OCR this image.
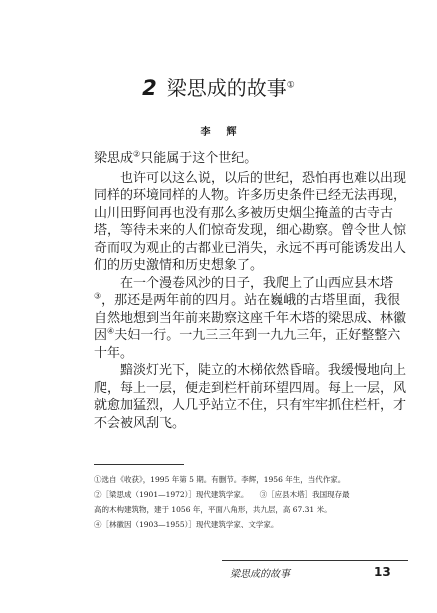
2 梁思成的故事①
李辉

梁思成②只能属于这个世纪。

也许可以这么说，以后的世纪，恐怕再也难以出现同样的环境同样的人物。许多历史条件已经无法再现，山川田野间再也没有那么多被历史烟尘掩盖的古寺古塔，等待未来的人们惊奇发现，细心勘察。曾令世人惊奇而叹为观止的古都业已消失，永远不再可能诱发出人们的历史激情和历史想象了。

在一个漫卷风沙的日子，我爬上了山西应县木塔③，那还是两年前的四月。站在巍峨的古塔里面，我很自然地想到当年前来勘察这座千年木塔的梁思成、林徽因④夫妇一行。一九三三年到一九九三年，正好整整六十年。

黯淡灯光下，陡立的木梯依然昏暗。我缓慢地向上爬，每上一层，便走到栏杆前环望四周。每上一层，风就愈加猛烈，人几乎站立不住，只有牢牢抓住栏杆，才不会被风刮飞。

①选自《收获》，1995 年第 5 期。有删节。李辉，1956 年生，当代作家。
②［梁思成（1901—1972）］现代建筑学家。　　③［应县木塔］我国现存最
高的木构建筑物，建于 1056 年，平面八角形，共九层，高 67.31 米。
④［林徽因（1903—1955）］现代建筑学家、文学家。
梁思成的故事	13
